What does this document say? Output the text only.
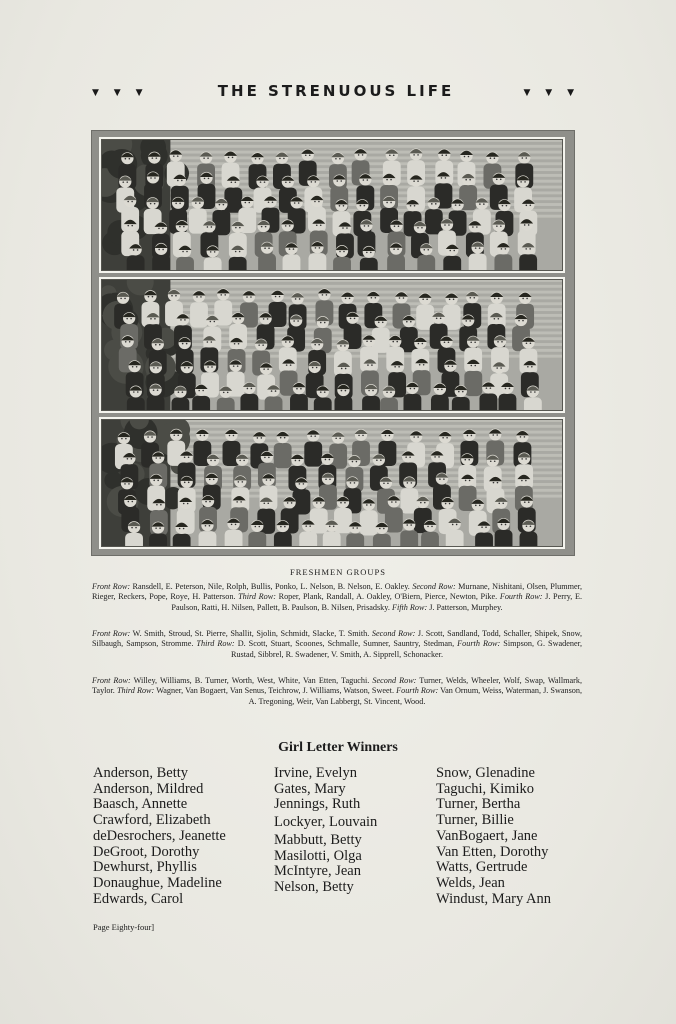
▼ ▼ ▼	THE STRENUOUS LIFE	▼ ▼ ▼
FRESHMEN GROUPS
Front Row: Ransdell, E. Peterson, Nile, Rolph, Bullis, Ponko, L. Nelson, B. Nelson, E. Oakley. Second Row: Murnane, Nishitani, Olsen, Plummer, Rieger, Reckers, Pope, Roye, H. Patterson. Third Row: Roper, Plank, Randall, A. Oakley, O'Biern, Pierce, Newton, Pike. Fourth Row: J. Perry, E. Paulson, Ratti, H. Nilsen, Pallett, B. Paulson, B. Nilsen, Prisadsky. Fifth Row: J. Patterson, Murphey.
Front Row: W. Smith, Stroud, St. Pierre, Shallit, Sjolin, Schmidt, Slacke, T. Smith. Second Row: J. Scott, Sandland, Todd, Schaller, Shipek, Snow, Silbaugh, Sampson, Stromme. Third Row: D. Scott, Stuart, Scoones, Schmalle, Sumner, Sauntry, Stedman, Fourth Row: Simpson, G. Swadener, Rustad, Sibbrel, R. Swadener, V. Smith, A. Sipprell, Schonacker.
Front Row: Willey, Williams, B. Turner, Worth, West, White, Van Etten, Taguchi. Second Row: Turner, Welds, Wheeler, Wolf, Swap, Wallmark, Taylor. Third Row: Wagner, Van Bogaert, Van Senus, Teichrow, J. Williams, Watson, Sweet. Fourth Row: Van Ornum, Weiss, Waterman, J. Swanson, A. Tregoning, Weir, Van Labbergt, St. Vincent, Wood.
Girl Letter Winners
Anderson, Betty
Anderson, Mildred
Baasch, Annette
Crawford, Elizabeth
deDesrochers, Jeanette
DeGroot, Dorothy
Dewhurst, Phyllis
Donaughue, Madeline
Edwards, Carol
Irvine, Evelyn
Gates, Mary
Jennings, Ruth
Lockyer, Louvain
Mabbutt, Betty
Masilotti, Olga
McIntyre, Jean
Nelson, Betty
Snow, Glenadine
Taguchi, Kimiko
Turner, Bertha
Turner, Billie
VanBogaert, Jane
Van Etten, Dorothy
Watts, Gertrude
Welds, Jean
Windust, Mary Ann
Page Eighty-four]
